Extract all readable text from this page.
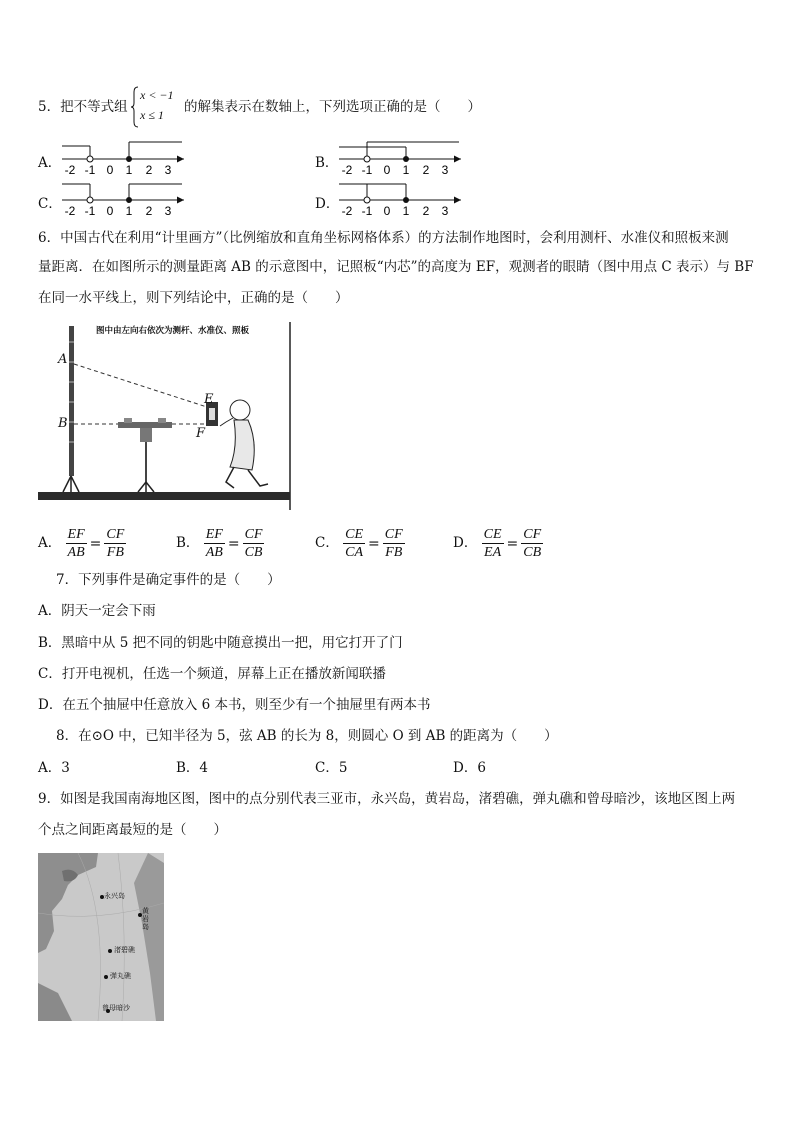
5．把不等式组
x < −1
x ≤ 1 的解集表示在数轴上，下列选项正确的是（　　）
A． -2 -1 0 1 2 3	B． -2 -1 0 1 2 3
C． -2 -1 0 1 2 3	D． -2 -1 0 1 2 3
6．中国古代在利用“计里画方”（比例缩放和直角坐标网格体系）的方法制作地图时，会利用测杆、水准仪和照板来测
量距离．在如图所示的测量距离 AB 的示意图中，记照板“内芯”的高度为 EF，观测者的眼睛（图中用点 C 表示）与 BF
在同一水平线上，则下列结论中，正确的是（　　）
图中由左向右依次为测杆、水准仪、照板
A
B
E
F
A． $\frac{EF}{AB} = \frac{CF}{FB}$	B． $\frac{EF}{AB} = \frac{CF}{CB}$	C． $\frac{CE}{CA} = \frac{CF}{FB}$	D． $\frac{CE}{EA} = \frac{CF}{CB}$
7．下列事件是确定事件的是（　　）
A．阴天一定会下雨
B．黑暗中从 5 把不同的钥匙中随意摸出一把，用它打开了门
C．打开电视机，任选一个频道，屏幕上正在播放新闻联播
D．在五个抽屉中任意放入 6 本书，则至少有一个抽屉里有两本书
8．在⊙O 中，已知半径为 5，弦 AB 的长为 8，则圆心 O 到 AB 的距离为（　　）
A．3	B．4	C．5	D．6
9．如图是我国南海地区图，图中的点分别代表三亚市，永兴岛，黄岩岛，渚碧礁，弹丸礁和曾母暗沙，该地区图上两
个点之间距离最短的是（　　）
永兴岛
黄岩岛
渚碧礁
弹丸礁
曾母暗沙
